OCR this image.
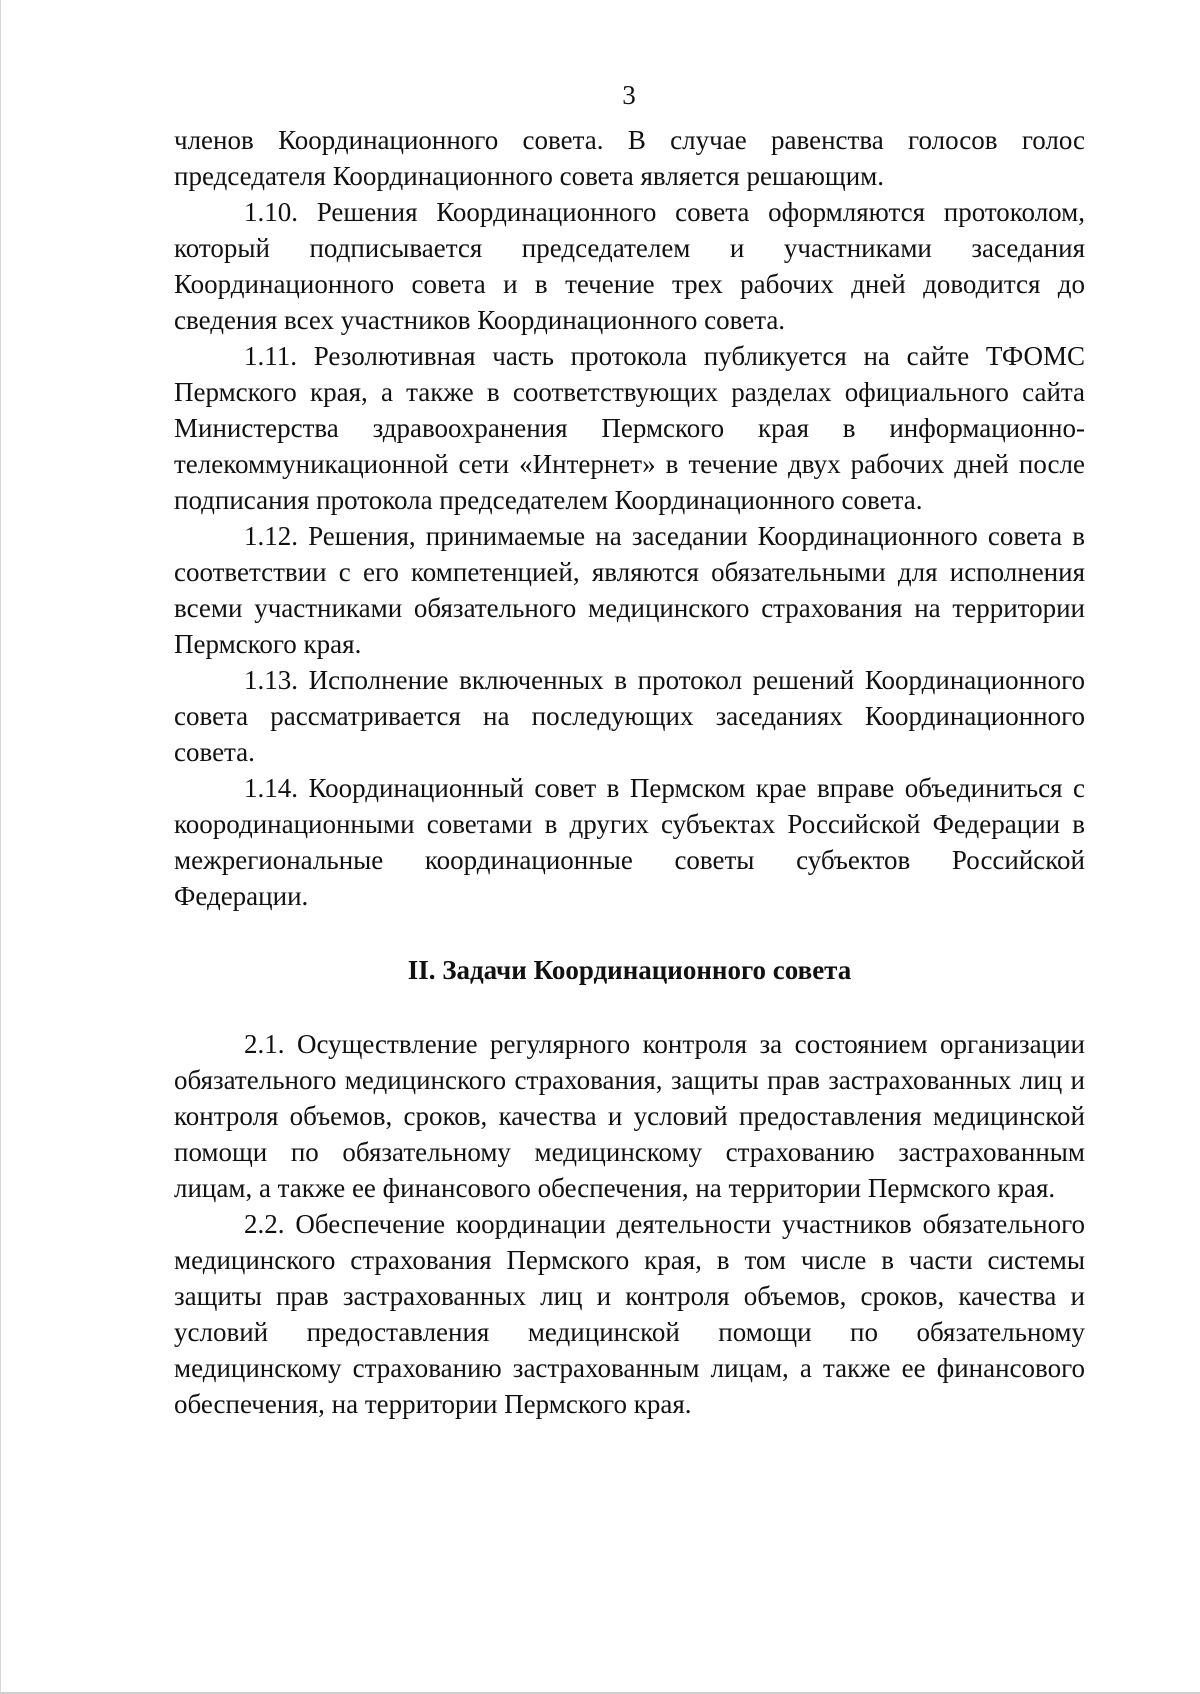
3

членов Координационного совета. В случае равенства голосов голос председателя Координационного совета является решающим.

1.10. Решения Координационного совета оформляются протоколом, который подписывается председателем и участниками заседания Координационного совета и в течение трех рабочих дней доводится до сведения всех участников Координационного совета.

1.11. Резолютивная часть протокола публикуется на сайте ТФОМС Пермского края, а также в соответствующих разделах официального сайта Министерства здравоохранения Пермского края в информационно-телекоммуникационной сети «Интернет» в течение двух рабочих дней после подписания протокола председателем Координационного совета.

1.12. Решения, принимаемые на заседании Координационного совета в соответствии с его компетенцией, являются обязательными для исполнения всеми участниками обязательного медицинского страхования на территории Пермского края.

1.13. Исполнение включенных в протокол решений Координационного совета рассматривается на последующих заседаниях Координационного совета.

1.14. Координационный совет в Пермском крае вправе объединиться с коородинационными советами в других субъектах Российской Федерации в межрегиональные координационные советы субъектов Российской Федерации.

II. Задачи Координационного совета

2.1. Осуществление регулярного контроля за состоянием организации обязательного медицинского страхования, защиты прав застрахованных лиц и контроля объемов, сроков, качества и условий предоставления медицинской помощи по обязательному медицинскому страхованию застрахованным лицам, а также ее финансового обеспечения, на территории Пермского края.

2.2. Обеспечение координации деятельности участников обязательного медицинского страхования Пермского края, в том числе в части системы защиты прав застрахованных лиц и контроля объемов, сроков, качества и условий предоставления медицинской помощи по обязательному медицинскому страхованию застрахованным лицам, а также ее финансового обеспечения, на территории Пермского края.
